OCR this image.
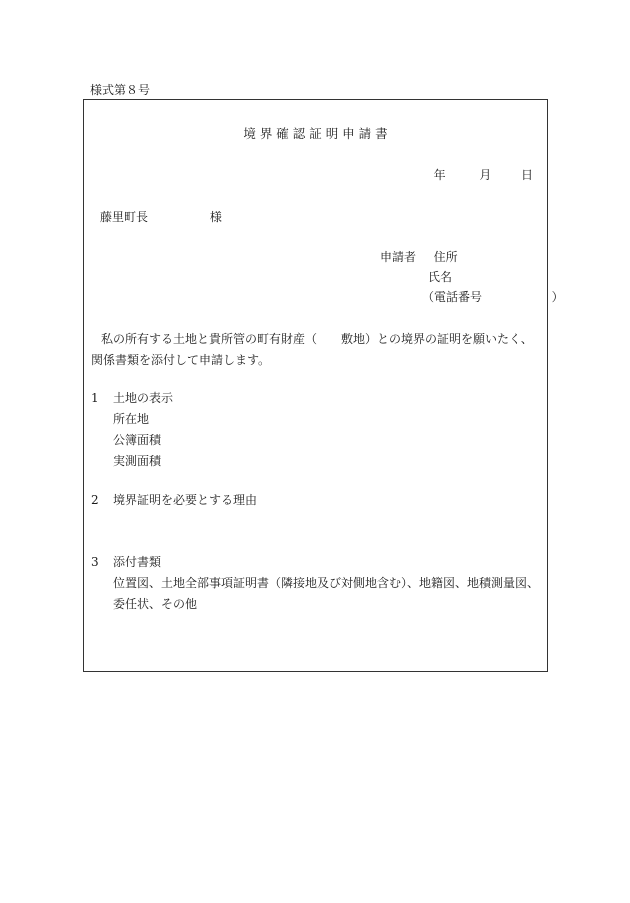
様式第８号
境 界 確 認 証 明 申 請 書
年	月 日
藤里町長	様
申請者 住所
氏名
（電話番号	）
私の所有する土地と貴所管の町有財産（　　敷地）との境界の証明を願いたく、関係書類を添付して申請します。
1 土地の表示
所在地
公簿面積
実測面積
2 境界証明を必要とする理由
3 添付書類
位置図、土地全部事項証明書（隣接地及び対側地含む）、地籍図、地積測量図、
委任状、その他
